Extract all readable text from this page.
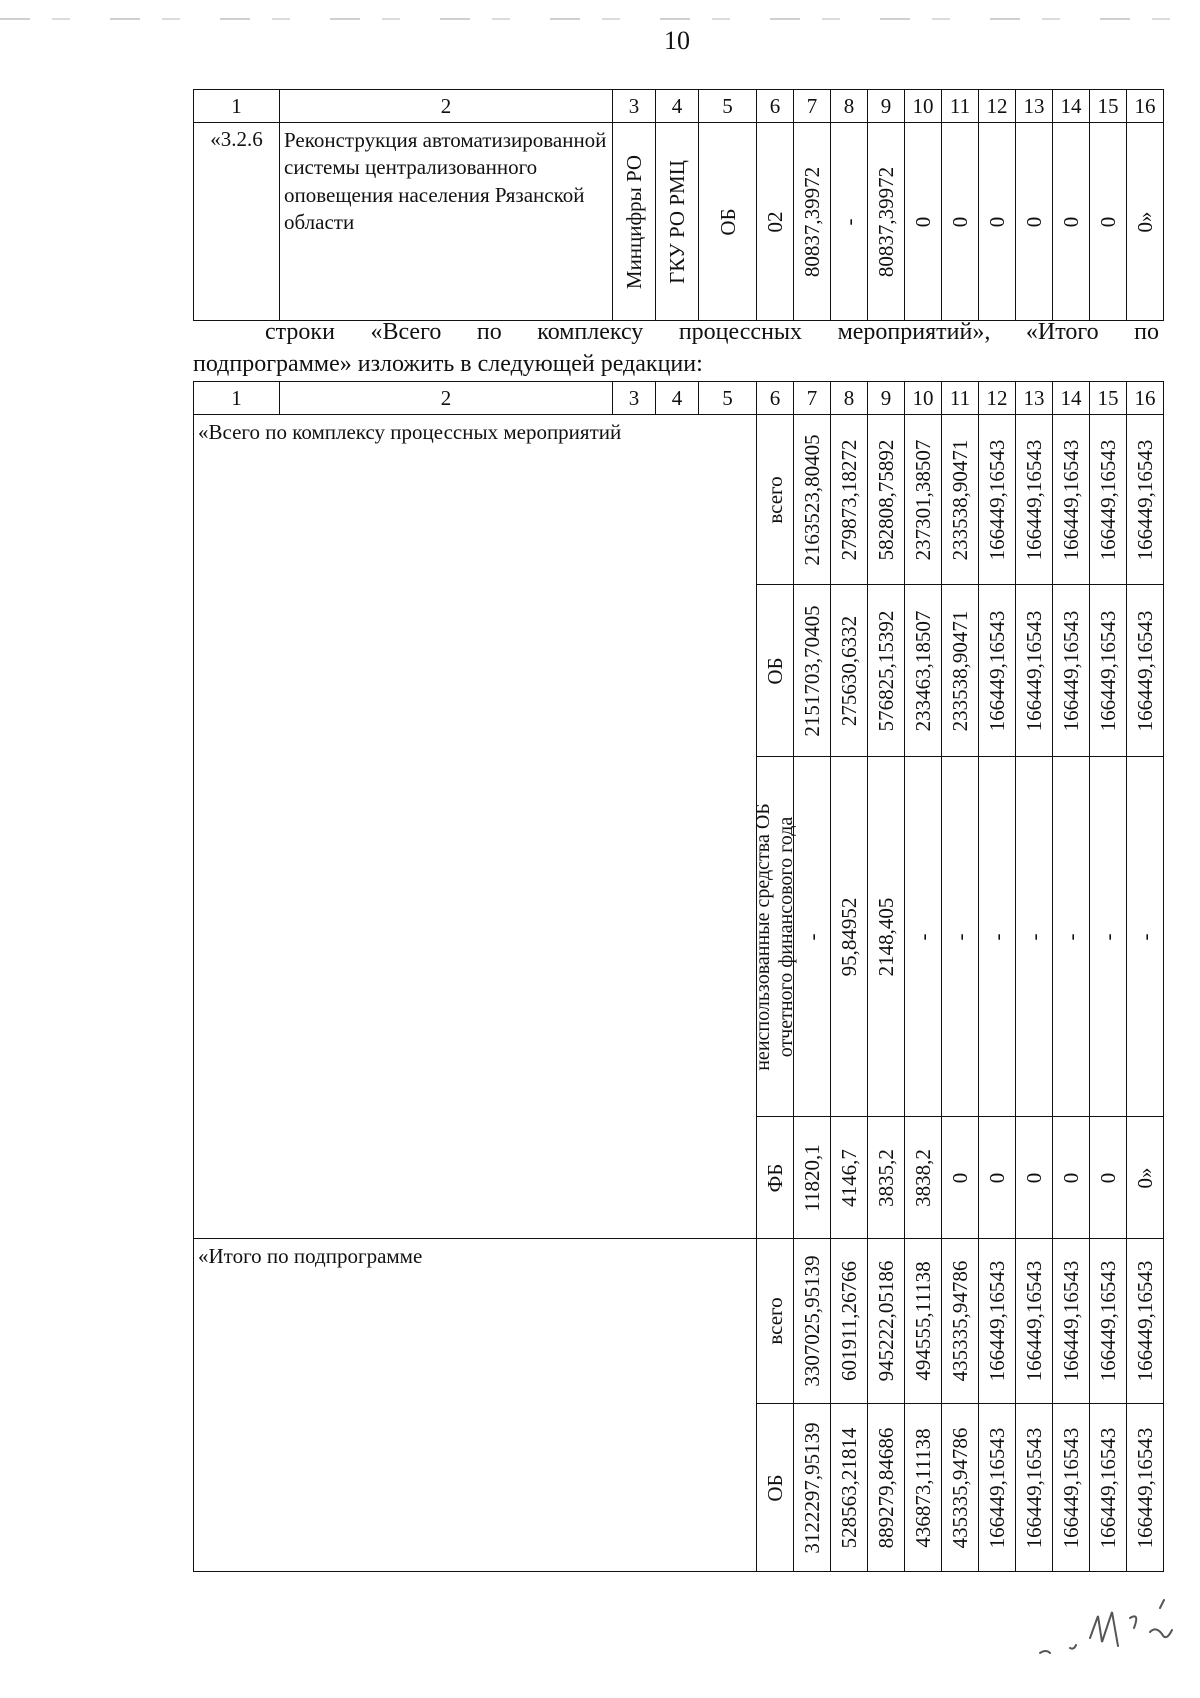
10
1	2	3	4	5	6	7	8	9	10	11	12	13	14	15	16
«3.2.6	Реконструкция автоматизированной системы централизованного оповещения населения Рязанской области	Минцифры РО	ГКУ РО РМЦ	ОБ	02	80837,39972	-	80837,39972	0	0	0	0	0	0	0»
строки «Всего по комплексу процессных мероприятий», «Итого по
подпрограмме» изложить в следующей редакции:
1	2	3	4	5	6	7	8	9	10	11	12	13	14	15	16
«Всего по комплексу процессных мероприятий					всего	2163523,80405	279873,18272	582808,75892	237301,38507	233538,90471	166449,16543	166449,16543	166449,16543	166449,16543	166449,16543

					ОБ	2151703,70405	275630,6332	576825,15392	233463,18507	233538,90471	166449,16543	166449,16543	166449,16543	166449,16543	166449,16543

					неиспользованные средства ОБ отчетного финансового года	-	95,84952	2148,405	-	-	-	-	-	-	-

					ФБ	11820,1	4146,7	3835,2	3838,2	0	0	0	0	0	0»

«Итого по подпрограмме					всего	3307025,95139	601911,26766	945222,05186	494555,11138	435335,94786	166449,16543	166449,16543	166449,16543	166449,16543	166449,16543

					ОБ	3122297,95139	528563,21814	889279,84686	436873,11138	435335,94786	166449,16543	166449,16543	166449,16543	166449,16543	166449,16543
